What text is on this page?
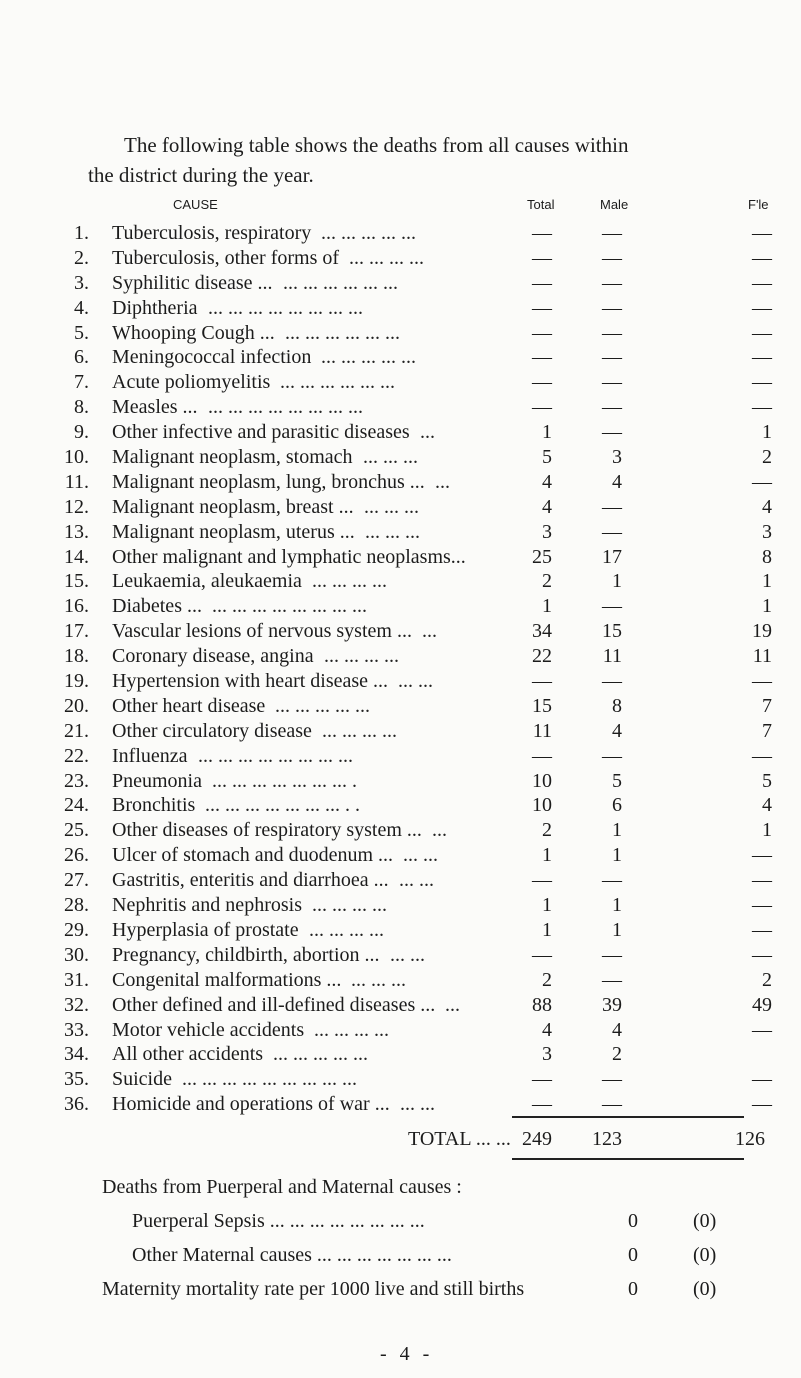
The following table shows the deaths from all causes within
the district during the year.
CAUSE	Total	Male	F'le
1. Tuberculosis, respiratory ... ... ... ... ...	—	—	—
2. Tuberculosis, other forms of ... ... ... ...	—	—	—
3. Syphilitic disease ... ... ... ... ... ... ...	—	—	—
4. Diphtheria ... ... ... ... ... ... ... ...	—	—	—
5. Whooping Cough ... ... ... ... ... ... ...	—	—	—
6. Meningococcal infection ... ... ... ... ...	—	—	—
7. Acute poliomyelitis ... ... ... ... ... ...	—	—	—
8. Measles ... ... ... ... ... ... ... ... ...	—	—	—
9. Other infective and parasitic diseases ...	1	—	1
10. Malignant neoplasm, stomach ... ... ...	5	3	2
11. Malignant neoplasm, lung, bronchus ... ...	4	4	—
12. Malignant neoplasm, breast ... ... ... ...	4	—	4
13. Malignant neoplasm, uterus ... ... ... ...	3	—	3
14. Other malignant and lymphatic neoplasms...	25	17	8
15. Leukaemia, aleukaemia ... ... ... ...	2	1	1
16. Diabetes ... ... ... ... ... ... ... ... ...	1	—	1
17. Vascular lesions of nervous system ... ...	34	15	19
18. Coronary disease, angina ... ... ... ...	22	11	11
19. Hypertension with heart disease ... ... ...	—	—	—
20. Other heart disease ... ... ... ... ...	15	8	7
21. Other circulatory disease ... ... ... ...	11	4	7
22. Influenza ... ... ... ... ... ... ... ...	—	—	—
23. Pneumonia ... ... ... ... ... ... ... .	10	5	5
24. Bronchitis ... ... ... ... ... ... ... . .	10	6	4
25. Other diseases of respiratory system ... ...	2	1	1
26. Ulcer of stomach and duodenum ... ... ...	1	1	—
27. Gastritis, enteritis and diarrhoea ... ... ...	—	—	—
28. Nephritis and nephrosis ... ... ... ...	1	1	—
29. Hyperplasia of prostate ... ... ... ...	1	1	—
30. Pregnancy, childbirth, abortion ... ... ...	—	—	—
31. Congenital malformations ... ... ... ...	2	—	2
32. Other defined and ill-defined diseases ... ...	88	39	49
33. Motor vehicle accidents ... ... ... ...	4	4	—
34. All other accidents ... ... ... ... ...	3	2
35. Suicide ... ... ... ... ... ... ... ... ...	—	—	—
36. Homicide and operations of war ... ... ...	—	—	—
TOTAL ... ... 249	123	126
Deaths from Puerperal and Maternal causes :
Puerperal Sepsis ... ... ... ... ... ... ... ...	0	(0)
Other Maternal causes ... ... ... ... ... ... ...	0	(0)
Maternity mortality rate per 1000 live and still births	0	(0)
- 4 -
